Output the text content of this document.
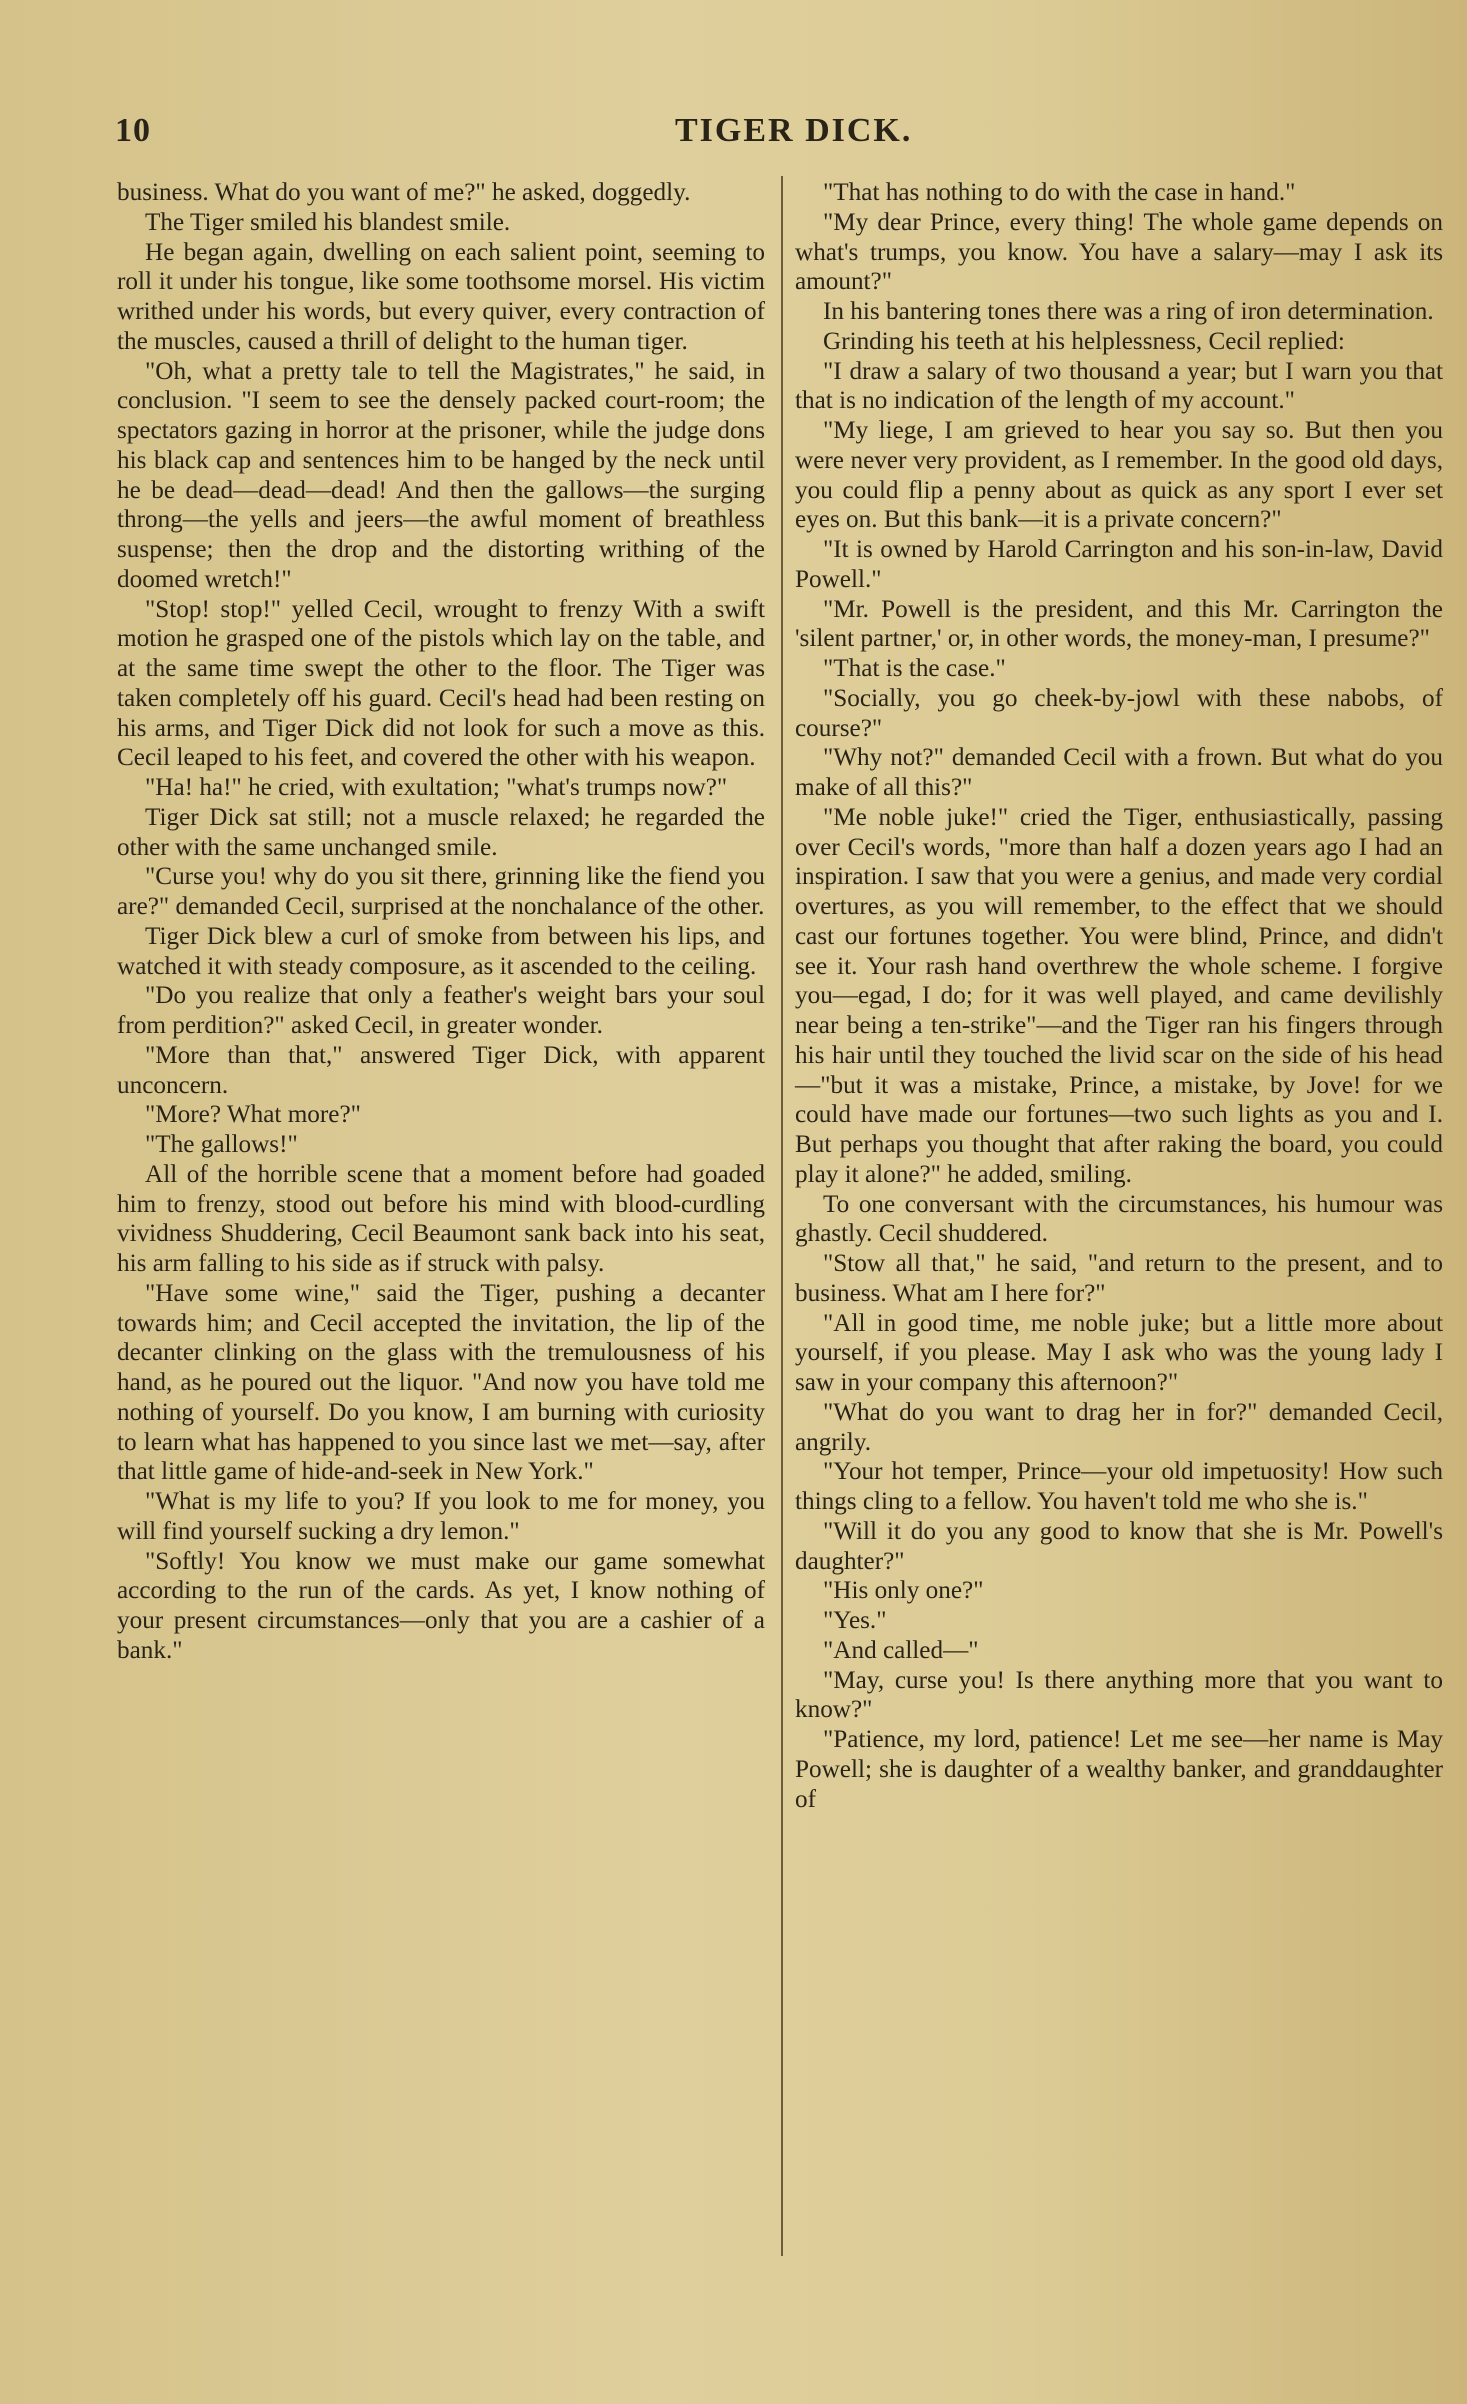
10	TIGER DICK.

business. What do you want of me?" he asked, doggedly.

The Tiger smiled his blandest smile.

He began again, dwelling on each salient point, seeming to roll it under his tongue, like some toothsome morsel. His victim writhed under his words, but every quiver, every contraction of the muscles, caused a thrill of delight to the human tiger.

"Oh, what a pretty tale to tell the Magistrates," he said, in conclusion. "I seem to see the densely packed court-room; the spectators gazing in horror at the prisoner, while the judge dons his black cap and sentences him to be hanged by the neck until he be dead—dead—dead! And then the gallows—the surging throng—the yells and jeers—the awful moment of breathless suspense; then the drop and the distorting writhing of the doomed wretch!"

"Stop! stop!" yelled Cecil, wrought to frenzy With a swift motion he grasped one of the pistols which lay on the table, and at the same time swept the other to the floor. The Tiger was taken completely off his guard. Cecil's head had been resting on his arms, and Tiger Dick did not look for such a move as this. Cecil leaped to his feet, and covered the other with his weapon.

"Ha! ha!" he cried, with exultation; "what's trumps now?"

Tiger Dick sat still; not a muscle relaxed; he regarded the other with the same unchanged smile.

"Curse you! why do you sit there, grinning like the fiend you are?" demanded Cecil, surprised at the nonchalance of the other.

Tiger Dick blew a curl of smoke from between his lips, and watched it with steady composure, as it ascended to the ceiling.

"Do you realize that only a feather's weight bars your soul from perdition?" asked Cecil, in greater wonder.

"More than that," answered Tiger Dick, with apparent unconcern.

"More? What more?"

"The gallows!"

All of the horrible scene that a moment before had goaded him to frenzy, stood out before his mind with blood-curdling vividness Shuddering, Cecil Beaumont sank back into his seat, his arm falling to his side as if struck with palsy.

"Have some wine," said the Tiger, pushing a decanter towards him; and Cecil accepted the invitation, the lip of the decanter clinking on the glass with the tremulousness of his hand, as he poured out the liquor. "And now you have told me nothing of yourself. Do you know, I am burning with curiosity to learn what has happened to you since last we met—say, after that little game of hide-and-seek in New York."

"What is my life to you? If you look to me for money, you will find yourself sucking a dry lemon."

"Softly! You know we must make our game somewhat according to the run of the cards. As yet, I know nothing of your present circumstances—only that you are a cashier of a bank."

"That has nothing to do with the case in hand."

"My dear Prince, every thing! The whole game depends on what's trumps, you know. You have a salary—may I ask its amount?"

In his bantering tones there was a ring of iron determination.

Grinding his teeth at his helplessness, Cecil replied:

"I draw a salary of two thousand a year; but I warn you that that is no indication of the length of my account."

"My liege, I am grieved to hear you say so. But then you were never very provident, as I remember. In the good old days, you could flip a penny about as quick as any sport I ever set eyes on. But this bank—it is a private concern?"

"It is owned by Harold Carrington and his son-in-law, David Powell."

"Mr. Powell is the president, and this Mr. Carrington the 'silent partner,' or, in other words, the money-man, I presume?"

"That is the case."

"Socially, you go cheek-by-jowl with these nabobs, of course?"

"Why not?" demanded Cecil with a frown. But what do you make of all this?"

"Me noble juke!" cried the Tiger, enthusiastically, passing over Cecil's words, "more than half a dozen years ago I had an inspiration. I saw that you were a genius, and made very cordial overtures, as you will remember, to the effect that we should cast our fortunes together. You were blind, Prince, and didn't see it. Your rash hand overthrew the whole scheme. I forgive you—egad, I do; for it was well played, and came devilishly near being a ten-strike"—and the Tiger ran his fingers through his hair until they touched the livid scar on the side of his head—"but it was a mistake, Prince, a mistake, by Jove! for we could have made our fortunes—two such lights as you and I. But perhaps you thought that after raking the board, you could play it alone?" he added, smiling.

To one conversant with the circumstances, his humour was ghastly. Cecil shuddered.

"Stow all that," he said, "and return to the present, and to business. What am I here for?"

"All in good time, me noble juke; but a little more about yourself, if you please. May I ask who was the young lady I saw in your company this afternoon?"

"What do you want to drag her in for?" demanded Cecil, angrily.

"Your hot temper, Prince—your old impetuosity! How such things cling to a fellow. You haven't told me who she is."

"Will it do you any good to know that she is Mr. Powell's daughter?"

"His only one?"

"Yes."

"And called—"

"May, curse you! Is there anything more that you want to know?"

"Patience, my lord, patience! Let me see—her name is May Powell; she is daughter of a wealthy banker, and granddaughter of
